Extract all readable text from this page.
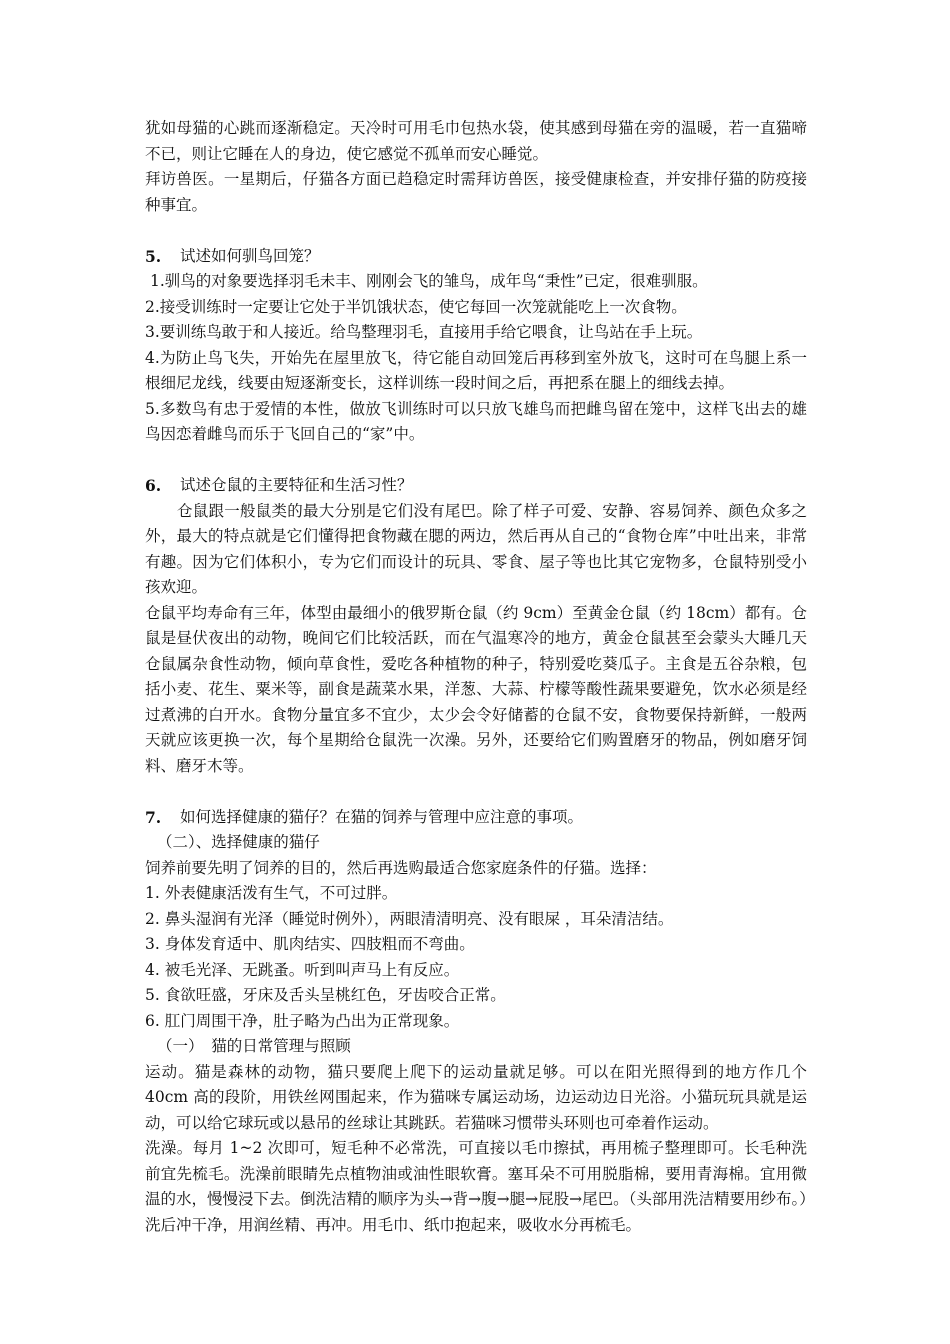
犹如母猫的心跳而逐渐稳定。天冷时可用毛巾包热水袋，使其感到母猫在旁的温暖，若一直猫啼不已，则让它睡在人的身边，使它感觉不孤单而安心睡觉。

拜访兽医。一星期后，仔猫各方面已趋稳定时需拜访兽医，接受健康检查，并安排仔猫的防疫接种事宜。

5.	试述如何驯鸟回笼？

1.驯鸟的对象要选择羽毛未丰、刚刚会飞的雏鸟，成年鸟“秉性”已定，很难驯服。

2.接受训练时一定要让它处于半饥饿状态，使它每回一次笼就能吃上一次食物。

3.要训练鸟敢于和人接近。给鸟整理羽毛，直接用手给它喂食，让鸟站在手上玩。

4.为防止鸟飞失，开始先在屋里放飞，待它能自动回笼后再移到室外放飞，这时可在鸟腿上系一根细尼龙线，线要由短逐渐变长，这样训练一段时间之后，再把系在腿上的细线去掉。

5.多数鸟有忠于爱情的本性，做放飞训练时可以只放飞雄鸟而把雌鸟留在笼中，这样飞出去的雄鸟因恋着雌鸟而乐于飞回自己的“家”中。

6.	试述仓鼠的主要特征和生活习性？

仓鼠跟一般鼠类的最大分别是它们没有尾巴。除了样子可爱、安静、容易饲养、颜色众多之外，最大的特点就是它们懂得把食物藏在腮的两边，然后再从自己的“食物仓库”中吐出来，非常有趣。因为它们体积小，专为它们而设计的玩具、零食、屋子等也比其它宠物多，仓鼠特别受小孩欢迎。

仓鼠平均寿命有三年，体型由最细小的俄罗斯仓鼠（约 9cm）至黄金仓鼠（约 18cm）都有。仓鼠是昼伏夜出的动物，晚间它们比较活跃，而在气温寒冷的地方，黄金仓鼠甚至会蒙头大睡几天仓鼠属杂食性动物，倾向草食性，爱吃各种植物的种子，特别爱吃葵瓜子。主食是五谷杂粮，包括小麦、花生、粟米等，副食是蔬菜水果，洋葱、大蒜、柠檬等酸性蔬果要避免，饮水必须是经过煮沸的白开水。食物分量宜多不宜少，太少会令好储蓄的仓鼠不安，食物要保持新鲜，一般两天就应该更换一次，每个星期给仓鼠洗一次澡。另外，还要给它们购置磨牙的物品，例如磨牙饲料、磨牙木等。

7.	如何选择健康的猫仔？在猫的饲养与管理中应注意的事项。

（二）、选择健康的猫仔

饲养前要先明了饲养的目的，然后再选购最适合您家庭条件的仔猫。选择：

1. 外表健康活泼有生气，不可过胖。

2. 鼻头湿润有光泽（睡觉时例外），两眼清清明亮、没有眼屎 ，耳朵清洁结。

3. 身体发育适中、肌肉结实、四肢粗而不弯曲。

4. 被毛光泽、无跳蚤。听到叫声马上有反应。

5. 食欲旺盛，牙床及舌头呈桃红色，牙齿咬合正常。

6. 肛门周围干净，肚子略为凸出为正常现象。

（一）　猫的日常管理与照顾

运动。猫是森林的动物，猫只要爬上爬下的运动量就足够。可以在阳光照得到的地方作几个 40cm 高的段阶，用铁丝网围起来，作为猫咪专属运动场，边运动边日光浴。小猫玩玩具就是运动，可以给它球玩或以悬吊的丝球让其跳跃。若猫咪习惯带头环则也可牵着作运动。

洗澡。每月 1~2 次即可，短毛种不必常洗，可直接以毛巾擦拭，再用梳子整理即可。长毛种洗前宜先梳毛。洗澡前眼睛先点植物油或油性眼软膏。塞耳朵不可用脱脂棉，要用青海棉。宜用微温的水，慢慢浸下去。倒洗洁精的顺序为头→背→腹→腿→屁股→尾巴。（头部用洗洁精要用纱布。）洗后冲干净，用润丝精、再冲。用毛巾、纸巾抱起来，吸收水分再梳毛。
